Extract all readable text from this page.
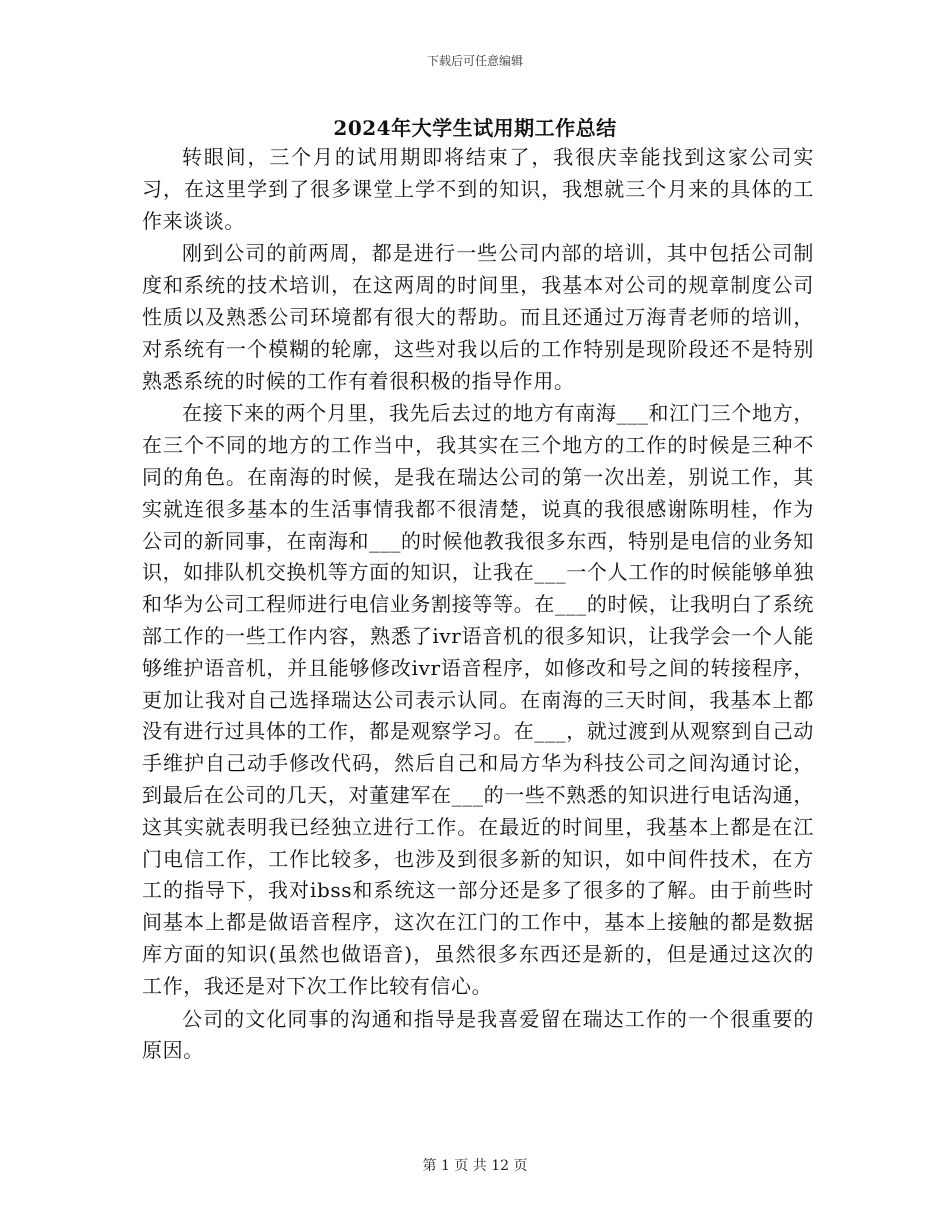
下载后可任意编辑
2024年大学生试用期工作总结

转眼间，三个月的试用期即将结束了，我很庆幸能找到这家公司实习，在这里学到了很多课堂上学不到的知识，我想就三个月来的具体的工作来谈谈。

刚到公司的前两周，都是进行一些公司内部的培训，其中包括公司制度和系统的技术培训，在这两周的时间里，我基本对公司的规章制度公司性质以及熟悉公司环境都有很大的帮助。而且还通过万海青老师的培训，对系统有一个模糊的轮廓，这些对我以后的工作特别是现阶段还不是特别熟悉系统的时候的工作有着很积极的指导作用。

在接下来的两个月里，我先后去过的地方有南海___和江门三个地方，在三个不同的地方的工作当中，我其实在三个地方的工作的时候是三种不同的角色。在南海的时候，是我在瑞达公司的第一次出差，别说工作，其实就连很多基本的生活事情我都不很清楚，说真的我很感谢陈明桂，作为公司的新同事，在南海和___的时候他教我很多东西，特别是电信的业务知识，如排队机交换机等方面的知识，让我在___一个人工作的时候能够单独和华为公司工程师进行电信业务割接等等。在___的时候，让我明白了系统部工作的一些工作内容，熟悉了ivr语音机的很多知识，让我学会一个人能够维护语音机，并且能够修改ivr语音程序，如修改和号之间的转接程序，更加让我对自己选择瑞达公司表示认同。在南海的三天时间，我基本上都没有进行过具体的工作，都是观察学习。在___，就过渡到从观察到自己动手维护自己动手修改代码，然后自己和局方华为科技公司之间沟通讨论，到最后在公司的几天，对董建军在___的一些不熟悉的知识进行电话沟通，这其实就表明我已经独立进行工作。在最近的时间里，我基本上都是在江门电信工作，工作比较多，也涉及到很多新的知识，如中间件技术，在方工的指导下，我对ibss和系统这一部分还是多了很多的了解。由于前些时间基本上都是做语音程序，这次在江门的工作中，基本上接触的都是数据库方面的知识(虽然也做语音)，虽然很多东西还是新的，但是通过这次的工作，我还是对下次工作比较有信心。

公司的文化同事的沟通和指导是我喜爱留在瑞达工作的一个很重要的原因。

第 1 页 共 12 页
